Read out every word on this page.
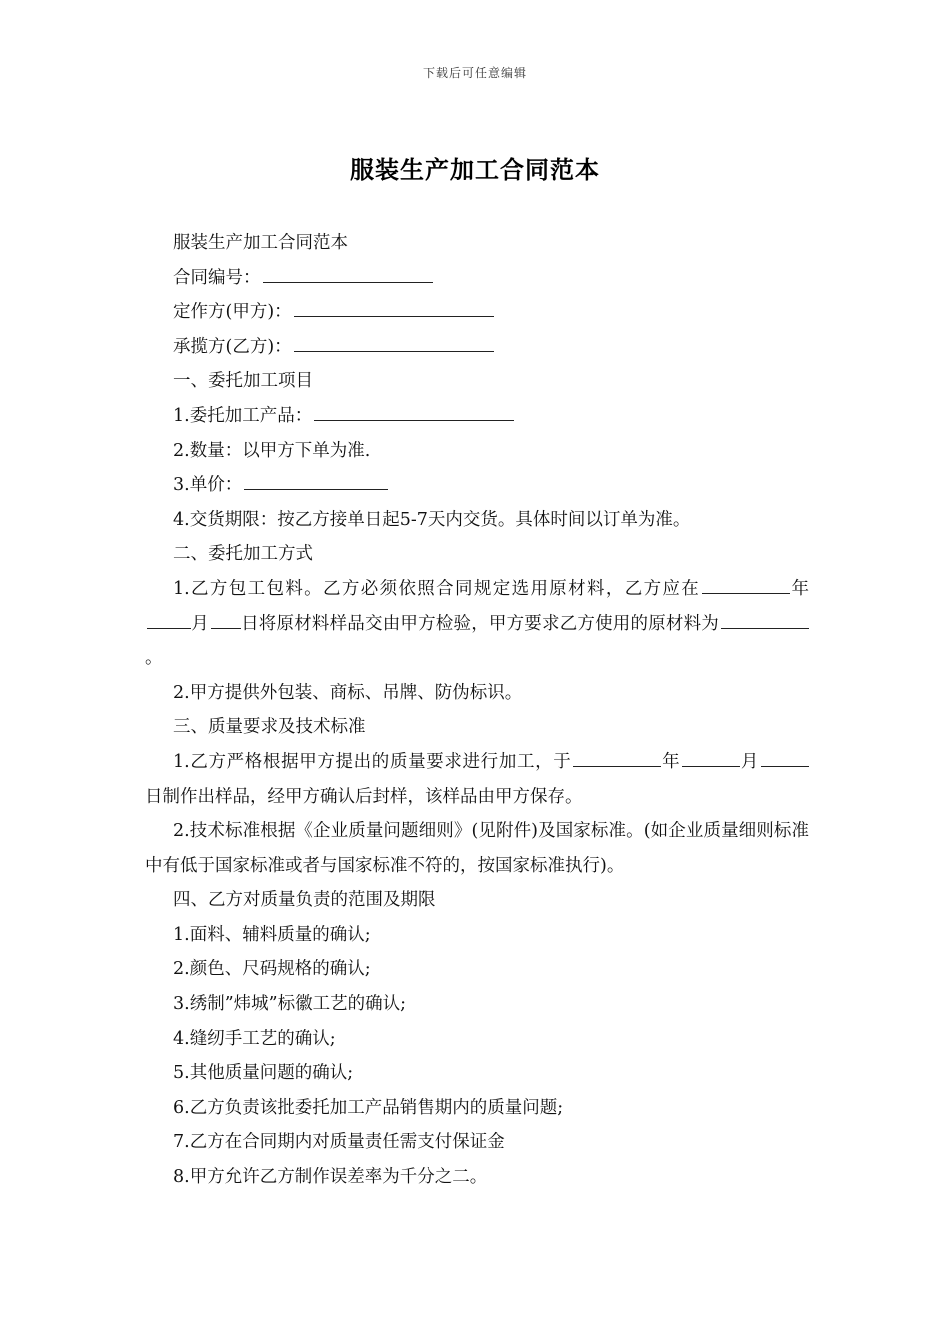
下载后可任意编辑
服装生产加工合同范本

服装生产加工合同范本

合同编号：

定作方(甲方)：

承揽方(乙方)：

一、委托加工项目

1.委托加工产品：

2.数量：以甲方下单为准.

3.单价：

4.交货期限：按乙方接单日起5-7天内交货。具体时间以订单为准。

二、委托加工方式

1.乙方包工包料。乙方必须依照合同规定选用原材料，乙方应在	年月 日将原材料样品交由甲方检验，甲方要求乙方使用的原材料为。

2.甲方提供外包装、商标、吊牌、防伪标识。

三、质量要求及技术标准

1.乙方严格根据甲方提出的质量要求进行加工，于	年	月日制作出样品，经甲方确认后封样，该样品由甲方保存。

2.技术标准根据《企业质量问题细则》(见附件)及国家标准。(如企业质量细则标准中有低于国家标准或者与国家标准不符的，按国家标准执行)。

四、乙方对质量负责的范围及期限

1.面料、辅料质量的确认;

2.颜色、尺码规格的确认;

3.绣制”炜城”标徽工艺的确认;

4.缝纫手工艺的确认;

5.其他质量问题的确认;

6.乙方负责该批委托加工产品销售期内的质量问题;

7.乙方在合同期内对质量责任需支付保证金

8.甲方允许乙方制作误差率为千分之二。
